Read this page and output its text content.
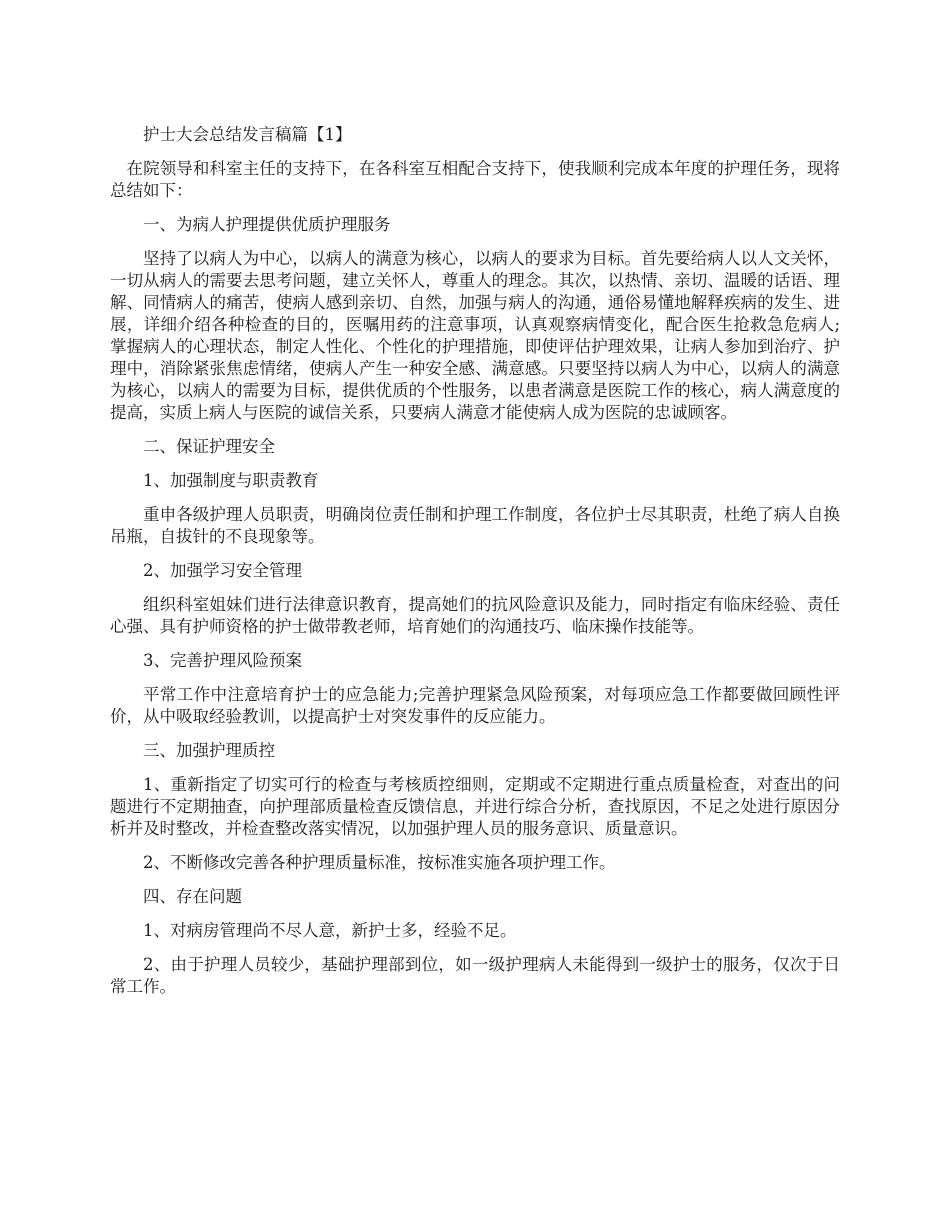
护士大会总结发言稿篇【1】

在院领导和科室主任的支持下，在各科室互相配合支持下，使我顺利完成本年度的护理任务，现将总结如下：

一、为病人护理提供优质护理服务

坚持了以病人为中心，以病人的满意为核心，以病人的要求为目标。首先要给病人以人文关怀，一切从病人的需要去思考问题，建立关怀人，尊重人的理念。其次，以热情、亲切、温暖的话语、理解、同情病人的痛苦，使病人感到亲切、自然，加强与病人的沟通，通俗易懂地解释疾病的发生、进展，详细介绍各种检查的目的，医嘱用药的注意事项，认真观察病情变化，配合医生抢救急危病人;掌握病人的心理状态，制定人性化、个性化的护理措施，即使评估护理效果，让病人参加到治疗、护理中，消除紧张焦虑情绪，使病人产生一种安全感、满意感。只要坚持以病人为中心，以病人的满意为核心，以病人的需要为目标，提供优质的个性服务，以患者满意是医院工作的核心，病人满意度的提高，实质上病人与医院的诚信关系，只要病人满意才能使病人成为医院的忠诚顾客。

二、保证护理安全

1、加强制度与职责教育

重申各级护理人员职责，明确岗位责任制和护理工作制度，各位护士尽其职责，杜绝了病人自换吊瓶，自拔针的不良现象等。

2、加强学习安全管理

组织科室姐妹们进行法律意识教育，提高她们的抗风险意识及能力，同时指定有临床经验、责任心强、具有护师资格的护士做带教老师，培育她们的沟通技巧、临床操作技能等。

3、完善护理风险预案

平常工作中注意培育护士的应急能力;完善护理紧急风险预案，对每项应急工作都要做回顾性评价，从中吸取经验教训，以提高护士对突发事件的反应能力。

三、加强护理质控

1、重新指定了切实可行的检查与考核质控细则，定期或不定期进行重点质量检查，对查出的问题进行不定期抽查，向护理部质量检查反馈信息，并进行综合分析，查找原因，不足之处进行原因分析并及时整改，并检查整改落实情况，以加强护理人员的服务意识、质量意识。

2、不断修改完善各种护理质量标准，按标准实施各项护理工作。

四、存在问题

1、对病房管理尚不尽人意，新护士多，经验不足。

2、由于护理人员较少，基础护理部到位，如一级护理病人未能得到一级护士的服务，仅次于日常工作。
